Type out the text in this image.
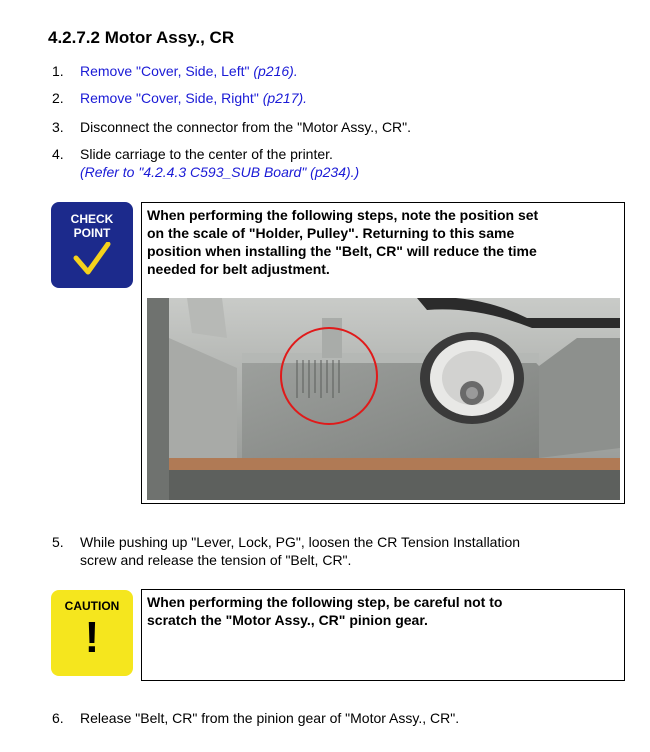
4.2.7.2 Motor Assy., CR
1.	Remove "Cover, Side, Left" (p216).
2.	Remove "Cover, Side, Right" (p217).
3.	Disconnect the connector from the "Motor Assy., CR".
4.	Slide carriage to the center of the printer.
(Refer to "4.2.4.3 C593_SUB Board" (p234).)
CHECK
POINT
When performing the following steps, note the position set
on the scale of "Holder, Pulley". Returning to this same
position when installing the "Belt, CR" will reduce the time
needed for belt adjustment.
5.	While pushing up "Lever, Lock, PG", loosen the CR Tension Installation
screw and release the tension of "Belt, CR".
CAUTION
!
When performing the following step, be careful not to
scratch the "Motor Assy., CR" pinion gear.
6.	Release "Belt, CR" from the pinion gear of "Motor Assy., CR".
